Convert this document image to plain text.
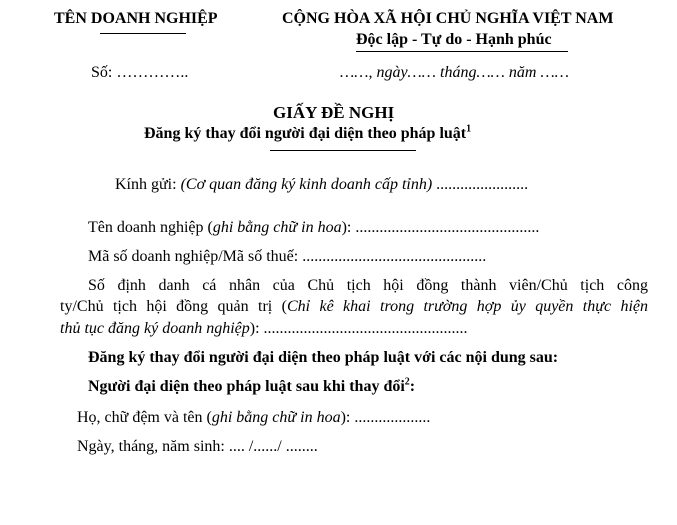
TÊN DOANH NGHIỆP	CỘNG HÒA XÃ HỘI CHỦ NGHĨA VIỆT NAM
Độc lập - Tự do - Hạnh phúc
Số: …………..	……, ngày…… tháng…… năm ……
GIẤY ĐỀ NGHỊ
Đăng ký thay đổi người đại diện theo pháp luật$^1$
Kính gửi: (Cơ quan đăng ký kinh doanh cấp tỉnh) .......................
Tên doanh nghiệp (ghi bằng chữ in hoa): ..............................................
Mã số doanh nghiệp/Mã số thuế: ..............................................
Số định danh cá nhân của Chủ tịch hội đồng thành viên/Chủ tịch công
ty/Chủ tịch hội đồng quản trị (Chỉ kê khai trong trường hợp ủy quyền thực hiện
thủ tục đăng ký doanh nghiệp): ...................................................
Đăng ký thay đổi người đại diện theo pháp luật với các nội dung sau:
Người đại diện theo pháp luật sau khi thay đổi$^2$:
Họ, chữ đệm và tên (ghi bằng chữ in hoa): ...................
Ngày, tháng, năm sinh: .... /....../ ........
